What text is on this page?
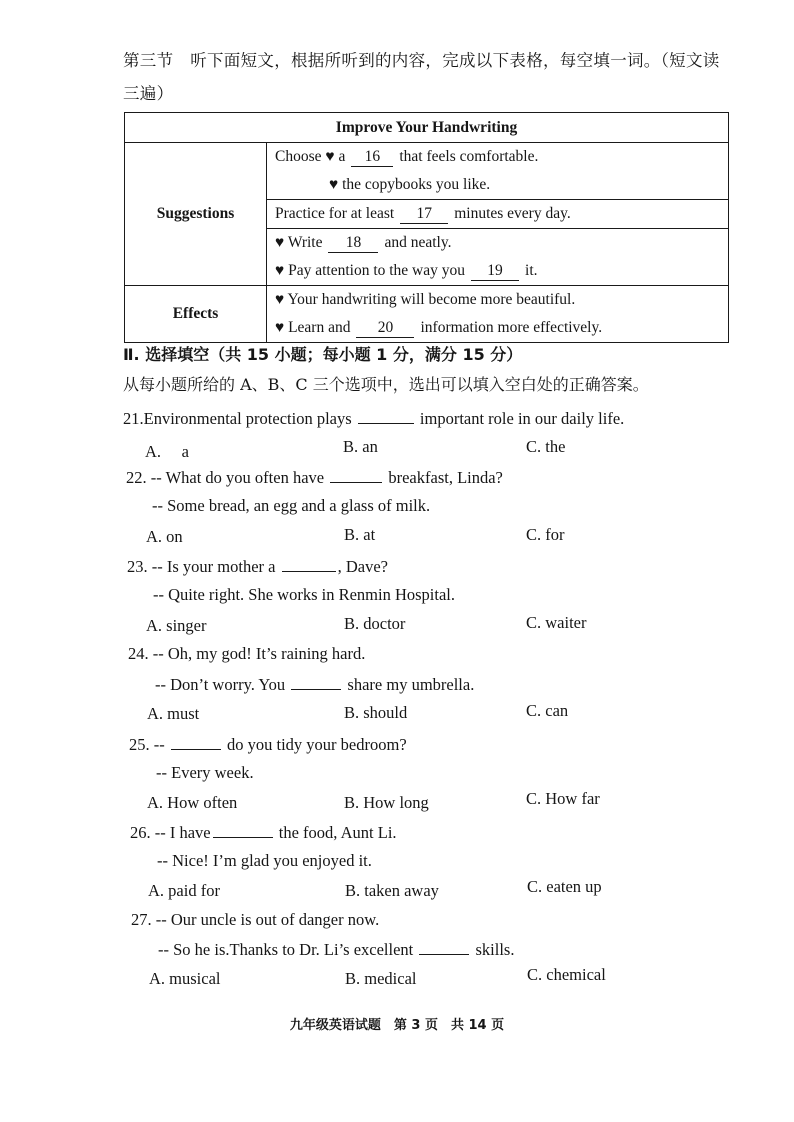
第三节　听下面短文，根据所听到的内容，完成以下表格，每空填一词。（短文读三遍）
Improve Your Handwriting	
Suggestions	Choose ♥ a 16 that feels comfortable.
♥ the copybooks you like.

	Practice for at least 17 minutes every day.

	♥ Write 18 and neatly.
♥ Pay attention to the way you 19 it.

Effects	♥ Your handwriting will become more beautiful.
♥ Learn and 20 information more effectively.
Ⅱ. 选择填空（共 15 小题；每小题 1 分，满分 15 分）
从每小题所给的 A、B、C 三个选项中，选出可以填入空白处的正确答案。
21.Environmental protection plays	important role in our daily life.
A.　 a	B. an	C. the
22. -- What do you often have	breakfast, Linda?
-- Some bread, an egg and a glass of milk.
A. on	B. at	C. for
23. -- Is your mother a	, Dave?
-- Quite right. She works in Renmin Hospital.
A. singer	B. doctor	C. waiter
24. -- Oh, my god! It’s raining hard.
-- Don’t worry. You	share my umbrella.
A. must	B. should	C. can
25. --	do you tidy your bedroom?
-- Every week.
A. How often	B. How long	C. How far
26. -- I have	the food, Aunt Li.
-- Nice! I’m glad you enjoyed it.
A. paid for	B. taken away	C. eaten up
27. -- Our uncle is out of danger now.
-- So he is.Thanks to Dr. Li’s excellent	skills.
A. musical	B. medical	C. chemical
九年级英语试题　第 3 页　共 14 页
